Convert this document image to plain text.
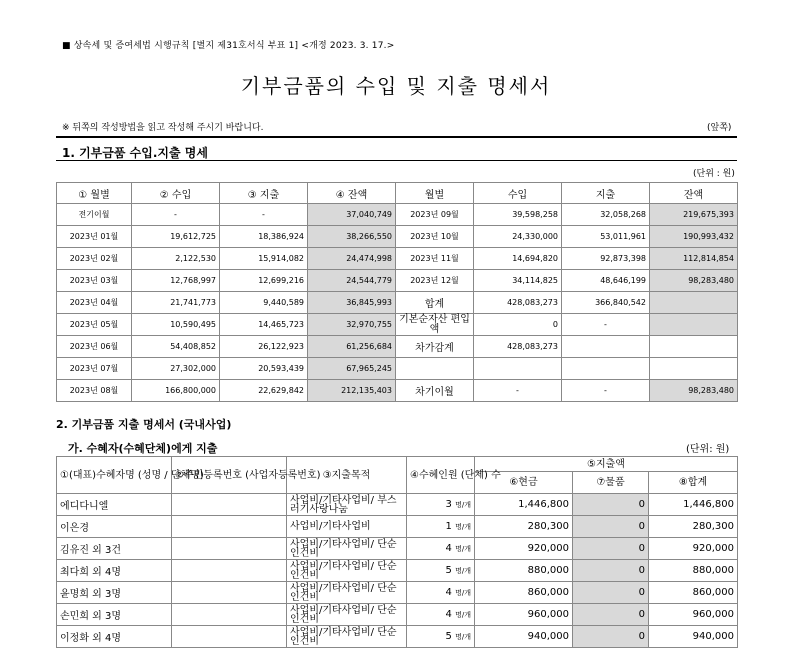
■ 상속세 및 증여세법 시행규칙 [별지 제31호서식 부표 1] <개정 2023. 3. 17.>
기부금품의 수입 및 지출 명세서
※ 뒤쪽의 작성방법을 읽고 작성해 주시기 바랍니다.	(앞쪽)
1. 기부금품 수입.지출 명세
(단위 : 원)
① 월별	② 수입	③ 지출	④ 잔액	월별	수입	지출	잔액
전기이월	-	-	37,040,749	2023년 09월	39,598,258	32,058,268	219,675,393
2023년 01월	19,612,725	18,386,924	38,266,550	2023년 10월	24,330,000	53,011,961	190,993,432
2023년 02월	2,122,530	15,914,082	24,474,998	2023년 11월	14,694,820	92,873,398	112,814,854
2023년 03월	12,768,997	12,699,216	24,544,779	2023년 12월	34,114,825	48,646,199	98,283,480
2023년 04월	21,741,773	9,440,589	36,845,993	합계	428,083,273	366,840,542	
2023년 05월	10,590,495	14,465,723	32,970,755	기본순자산 편입액	0	-	
2023년 06월	54,408,852	26,122,923	61,256,684	차가감계	428,083,273		
2023년 07월	27,302,000	20,593,439	67,965,245				
2023년 08월	166,800,000	22,629,842	212,135,403	차기이월	-	-	98,283,480
2. 기부금품 지출 명세서 (국내사업)
가. 수혜자(수혜단체)에게 지출	(단위: 원)
①(대표)수혜자명 (성명 / 단체명)	②주민등록번호 (사업자등록번호)	③지출목적	④수혜인원 (단체) 수	⑤지출액		
				⑥현금	⑦물품	⑧합계
에디다니엘		사업비/기타사업비/ 부스러기사랑나눔	3 명/개	1,446,800	0	1,446,800
이은경		사업비/기타사업비	1 명/개	280,300	0	280,300
김유진 외 3건		사업비/기타사업비/ 단순인건비	4 명/개	920,000	0	920,000
최다희 외 4명		사업비/기타사업비/ 단순인건비	5 명/개	880,000	0	880,000
윤명희 외 3명		사업비/기타사업비/ 단순인건비	4 명/개	860,000	0	860,000
손민희 외 3명		사업비/기타사업비/ 단순인건비	4 명/개	960,000	0	960,000
이정화 외 4명		사업비/기타사업비/ 단순인건비	5 명/개	940,000	0	940,000
